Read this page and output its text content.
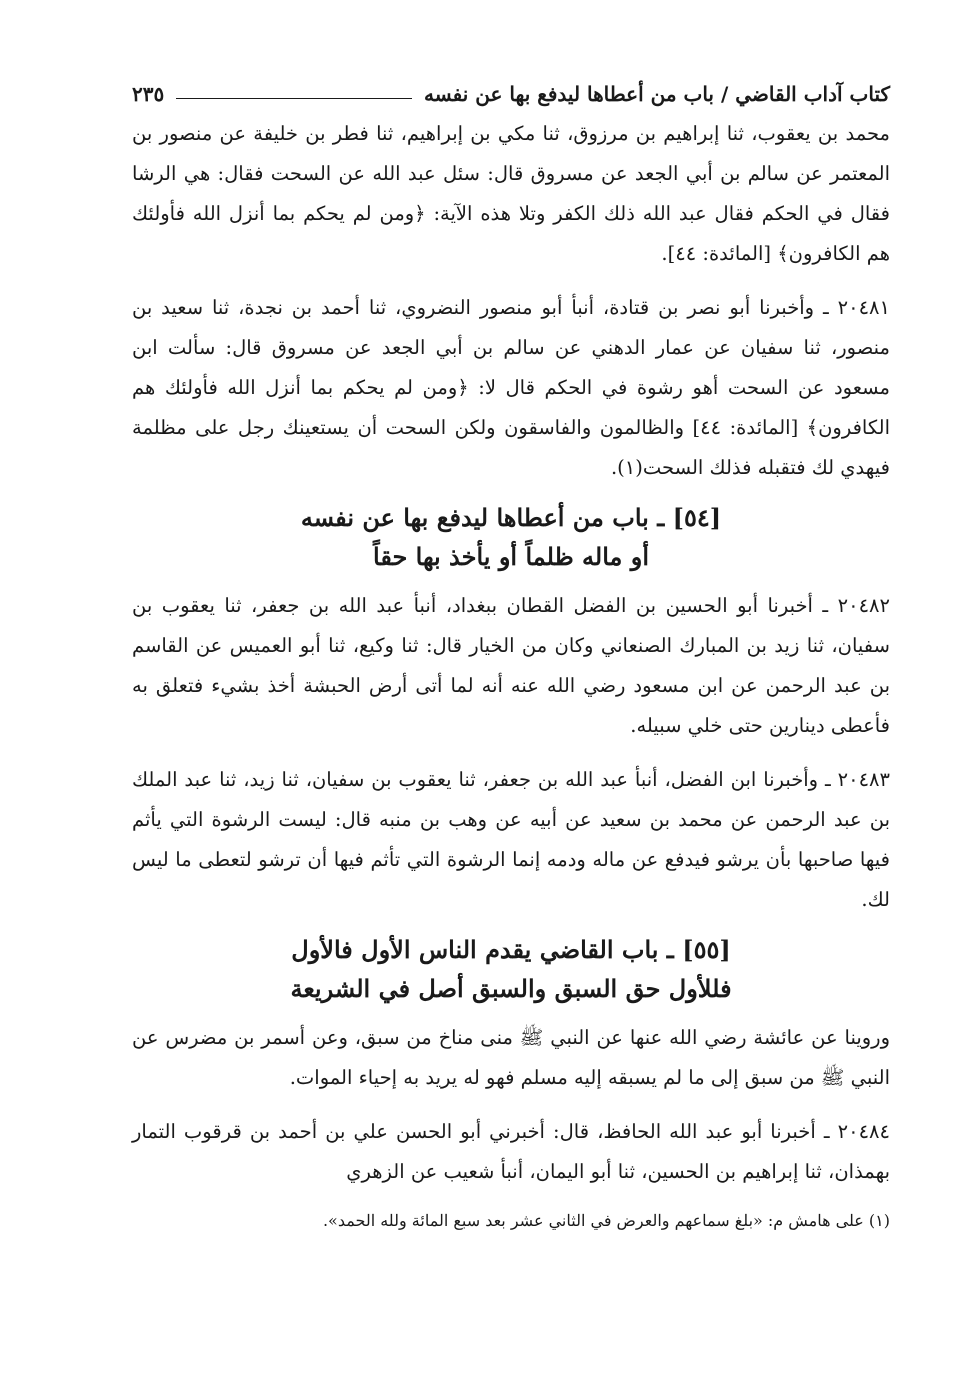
كتاب آداب القاضي / باب من أعطاها ليدفع بها عن نفسه
٢٣٥

محمد بن يعقوب، ثنا إبراهيم بن مرزوق، ثنا مكي بن إبراهيم، ثنا فطر بن خليفة عن منصور بن المعتمر عن سالم بن أبي الجعد عن مسروق قال: سئل عبد الله عن السحت فقال: هي الرشا فقال في الحكم فقال عبد الله ذلك الكفر وتلا هذه الآية: ﴿ومن لم يحكم بما أنزل الله فأولئك هم الكافرون﴾ [المائدة: ٤٤].

٢٠٤٨١ ـ وأخبرنا أبو نصر بن قتادة، أنبأ أبو منصور النضروي، ثنا أحمد بن نجدة، ثنا سعيد بن منصور، ثنا سفيان عن عمار الدهني عن سالم بن أبي الجعد عن مسروق قال: سألت ابن مسعود عن السحت أهو رشوة في الحكم قال لا: ﴿ومن لم يحكم بما أنزل الله فأولئك هم الكافرون﴾ [المائدة: ٤٤] والظالمون والفاسقون ولكن السحت أن يستعينك رجل على مظلمة فيهدي لك فتقبله فذلك السحت(١).

[٥٤] ـ باب من أعطاها ليدفع بها عن نفسه
أو ماله ظلماً أو يأخذ بها حقاً

٢٠٤٨٢ ـ أخبرنا أبو الحسين بن الفضل القطان ببغداد، أنبأ عبد الله بن جعفر، ثنا يعقوب بن سفيان، ثنا زيد بن المبارك الصنعاني وكان من الخيار قال: ثنا وكيع، ثنا أبو العميس عن القاسم بن عبد الرحمن عن ابن مسعود رضي الله عنه أنه لما أتى أرض الحبشة أخذ بشيء فتعلق به فأعطى دينارين حتى خلي سبيله.

٢٠٤٨٣ ـ وأخبرنا ابن الفضل، أنبأ عبد الله بن جعفر، ثنا يعقوب بن سفيان، ثنا زيد، ثنا عبد الملك بن عبد الرحمن عن محمد بن سعيد عن أبيه عن وهب بن منبه قال: ليست الرشوة التي يأثم فيها صاحبها بأن يرشو فيدفع عن ماله ودمه إنما الرشوة التي تأثم فيها أن ترشو لتعطى ما ليس لك.

[٥٥] ـ باب القاضي يقدم الناس الأول فالأول
فللأول حق السبق والسبق أصل في الشريعة

وروينا عن عائشة رضي الله عنها عن النبي ﷺ منى مناخ من سبق، وعن أسمر بن مضرس عن النبي ﷺ من سبق إلى ما لم يسبقه إليه مسلم فهو له يريد به إحياء الموات.

٢٠٤٨٤ ـ أخبرنا أبو عبد الله الحافظ، قال: أخبرني أبو الحسن علي بن أحمد بن قرقوب التمار بهمذان، ثنا إبراهيم بن الحسين، ثنا أبو اليمان، أنبأ شعيب عن الزهري

(١) على هامش م: «بلغ سماعهم والعرض في الثاني عشر بعد سبع المائة ولله الحمد».
